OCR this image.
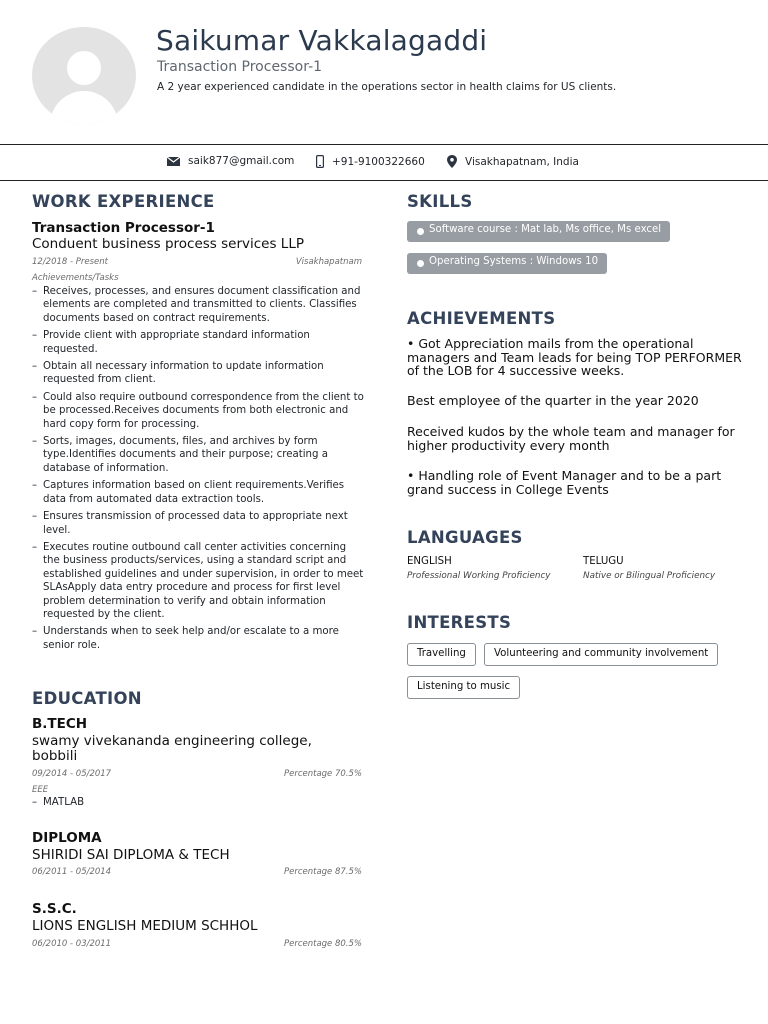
Saikumar Vakkalagaddi
Transaction Processor-1
A 2 year experienced candidate in the operations sector in health claims for US clients.
saik877@gmail.com	+91-9100322660	Visakhapatnam, India
WORK EXPERIENCE
Transaction Processor-1
Conduent business process services LLP
12/2018 - Present	Visakhapatnam
Achievements/Tasks
– Receives, processes, and ensures document classification and elements are completed and transmitted to clients. Classifies documents based on contract requirements.
– Provide client with appropriate standard information requested.
– Obtain all necessary information to update information requested from client.
– Could also require outbound correspondence from the client to be processed.Receives documents from both electronic and hard copy form for processing.
– Sorts, images, documents, files, and archives by form type.Identifies documents and their purpose; creating a database of information.
– Captures information based on client requirements.Verifies data from automated data extraction tools.
– Ensures transmission of processed data to appropriate next level.
– Executes routine outbound call center activities concerning the business products/services, using a standard script and established guidelines and under supervision, in order to meet SLAsApply data entry procedure and process for first level problem determination to verify and obtain information requested by the client.
– Understands when to seek help and/or escalate to a more senior role.
EDUCATION
B.TECH
swamy vivekananda engineering college, bobbili
09/2014 - 05/2017	Percentage 70.5%
EEE
– MATLAB
DIPLOMA
SHIRIDI SAI DIPLOMA & TECH
06/2011 - 05/2014	Percentage 87.5%
S.S.C.
LIONS ENGLISH MEDIUM SCHHOL
06/2010 - 03/2011	Percentage 80.5%
SKILLS
Software course : Mat lab, Ms office, Ms excel
Operating Systems : Windows 10
ACHIEVEMENTS
• Got Appreciation mails from the operational managers and Team leads for being TOP PERFORMER of the LOB for 4 successive weeks.
Best employee of the quarter in the year 2020
Received kudos by the whole team and manager for higher productivity every month
• Handling role of Event Manager and to be a part grand success in College Events
LANGUAGES
ENGLISH
Professional Working Proficiency
TELUGU
Native or Bilingual Proficiency
INTERESTS
Travelling	Volunteering and community involvement
Listening to music
